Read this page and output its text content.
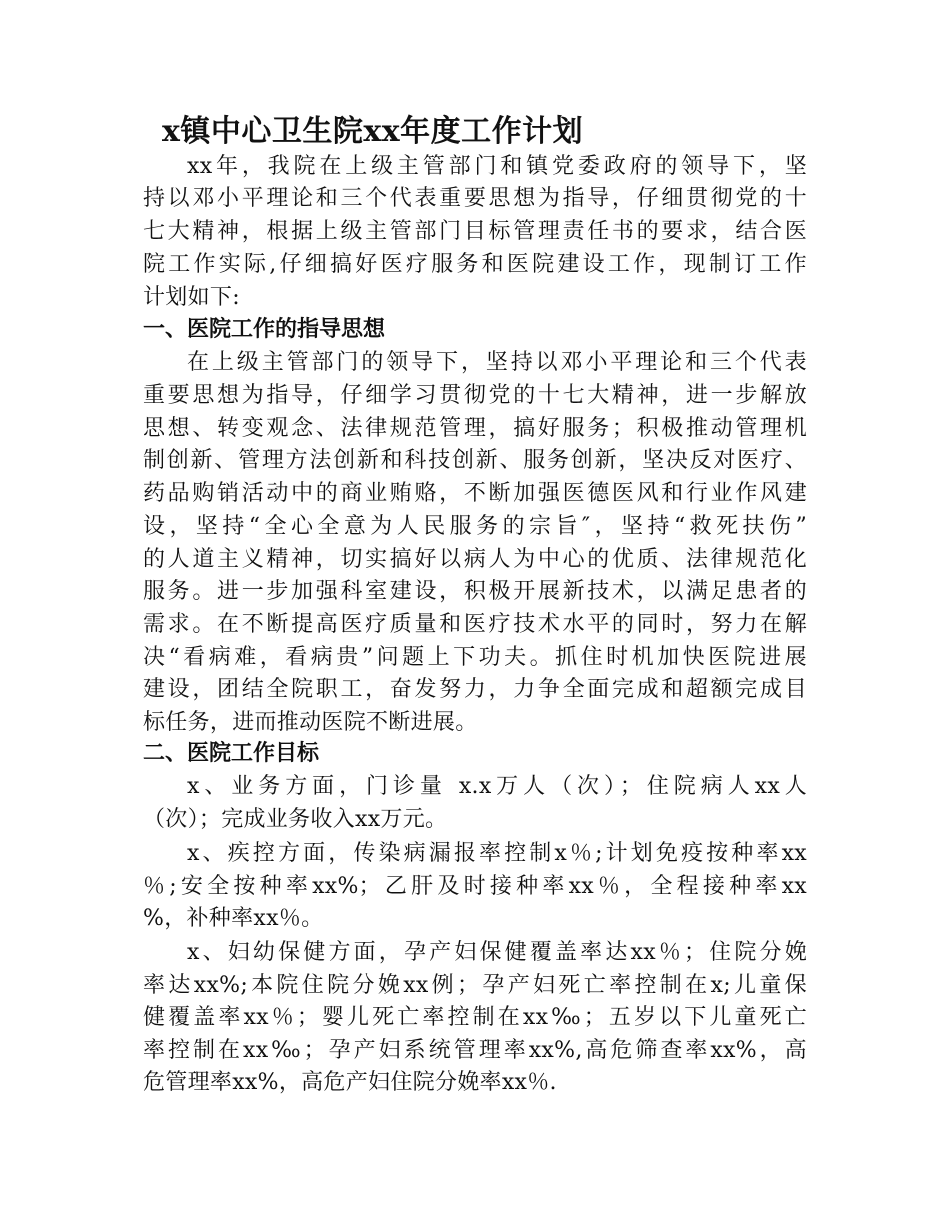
x镇中心卫生院xx年度工作计划
xx年，我院在上级主管部门和镇党委政府的领导下，坚
持以邓小平理论和三个代表重要思想为指导，仔细贯彻党的十
七大精神，根据上级主管部门目标管理责任书的要求，结合医
院工作实际,仔细搞好医疗服务和医院建设工作，现制订工作
计划如下:
一、医院工作的指导思想
在上级主管部门的领导下，坚持以邓小平理论和三个代表
重要思想为指导，仔细学习贯彻党的十七大精神，进一步解放
思想、转变观念、法律规范管理，搞好服务；积极推动管理机
制创新、管理方法创新和科技创新、服务创新，坚决反对医疗、
药品购销活动中的商业贿赂，不断加强医德医风和行业作风建
设，坚持“全心全意为人民服务的宗旨″，坚持“救死扶伤”
的人道主义精神，切实搞好以病人为中心的优质、法律规范化
服务。进一步加强科室建设，积极开展新技术，以满足患者的
需求。在不断提高医疗质量和医疗技术水平的同时，努力在解
决“看病难，看病贵”问题上下功夫。抓住时机加快医院进展
建设，团结全院职工，奋发努力，力争全面完成和超额完成目
标任务，进而推动医院不断进展。
二、医院工作目标
x、业务方面，门诊量 x.x万人（次）；住院病人xx人
（次）；完成业务收入xx万元。
x、疾控方面，传染病漏报率控制x％;计划免疫按种率xx
％;安全按种率xx%；乙肝及时接种率xx％，全程接种率xx
%，补种率xx％。
x、妇幼保健方面，孕产妇保健覆盖率达xx％；住院分娩
率达xx%;本院住院分娩xx例；孕产妇死亡率控制在x;儿童保
健覆盖率xx％；婴儿死亡率控制在xx‰；五岁以下儿童死亡
率控制在xx‰；孕产妇系统管理率xx%,高危筛查率xx%，高
危管理率xx%，高危产妇住院分娩率xx％.
